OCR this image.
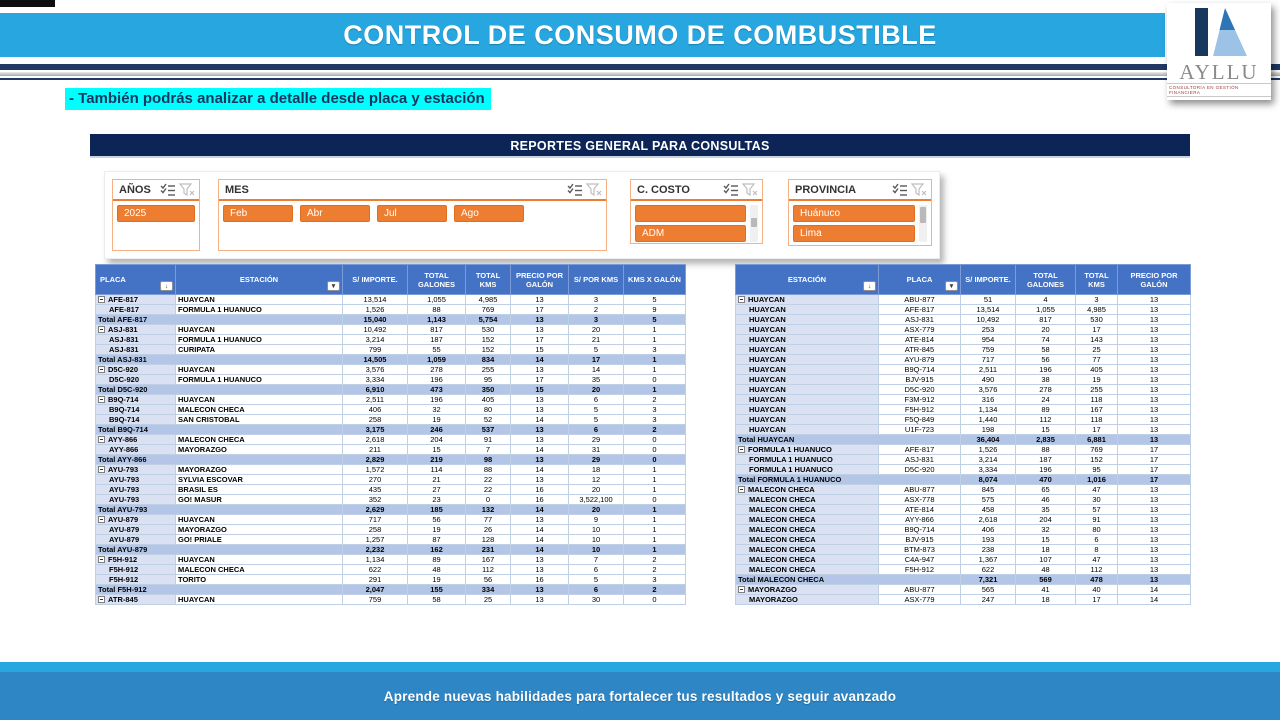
CONTROL DE CONSUMO DE COMBUSTIBLE
AYLLU
CONSULTORÍA EN GESTIÓN FINANCIERA
- También podrás analizar a detalle desde placa y estación
REPORTES GENERAL PARA CONSULTAS
AÑOS
2025
MES
Feb	Abr	Jul	Ago
C. COSTO
ADM
PROVINCIA
Huánuco
Lima
PLACA
↓	ESTACIÓN
▼	S/ IMPORTE.	TOTAL GALONES	TOTAL KMS	PRECIO POR GALÓN	S/ POR KMS	KMS X GALÓN
AFE-817	HUAYCAN	13,514	1,055	4,985	13	3	5
AFE-817	FORMULA 1 HUANUCO	1,526	88	769	17	2	9
Total AFE-817		15,040	1,143	5,754	13	3	5
ASJ-831	HUAYCAN	10,492	817	530	13	20	1
ASJ-831	FORMULA 1 HUANUCO	3,214	187	152	17	21	1
ASJ-831	CURIPATA	799	55	152	15	5	3
Total ASJ-831		14,505	1,059	834	14	17	1
D5C-920	HUAYCAN	3,576	278	255	13	14	1
D5C-920	FORMULA 1 HUANUCO	3,334	196	95	17	35	0
Total D5C-920		6,910	473	350	15	20	1
B9Q-714	HUAYCAN	2,511	196	405	13	6	2
B9Q-714	MALECON CHECA	406	32	80	13	5	3
B9Q-714	SAN CRISTOBAL	258	19	52	14	5	3
Total B9Q-714		3,175	246	537	13	6	2
AYY-866	MALECON CHECA	2,618	204	91	13	29	0
AYY-866	MAYORAZGO	211	15	7	14	31	0
Total AYY-866		2,829	219	98	13	29	0
AYU-793	MAYORAZGO	1,572	114	88	14	18	1
AYU-793	SYLVIA ESCOVAR	270	21	22	13	12	1
AYU-793	BRASIL ES	435	27	22	16	20	1
AYU-793	GO! MASUR	352	23	0	16	3,522,100	0
Total AYU-793		2,629	185	132	14	20	1
AYU-879	HUAYCAN	717	56	77	13	9	1
AYU-879	MAYORAZGO	258	19	26	14	10	1
AYU-879	GO! PRIALE	1,257	87	128	14	10	1
Total AYU-879		2,232	162	231	14	10	1
F5H-912	HUAYCAN	1,134	89	167	13	7	2
F5H-912	MALECON CHECA	622	48	112	13	6	2
F5H-912	TORITO	291	19	56	16	5	3
Total F5H-912		2,047	155	334	13	6	2
ATR-845	HUAYCAN	759	58	25	13	30	0
ESTACIÓN
↓	PLACA
▼	S/ IMPORTE.	TOTAL GALONES	TOTAL KMS	PRECIO POR GALÓN
HUAYCAN	ABU-877	51	4	3	13
HUAYCAN	AFE-817	13,514	1,055	4,985	13
HUAYCAN	ASJ-831	10,492	817	530	13
HUAYCAN	ASX-779	253	20	17	13
HUAYCAN	ATE-814	954	74	143	13
HUAYCAN	ATR-845	759	58	25	13
HUAYCAN	AYU-879	717	56	77	13
HUAYCAN	B9Q-714	2,511	196	405	13
HUAYCAN	BJV-915	490	38	19	13
HUAYCAN	D5C-920	3,576	278	255	13
HUAYCAN	F3M-912	316	24	118	13
HUAYCAN	F5H-912	1,134	89	167	13
HUAYCAN	F5Q-849	1,440	112	118	13
HUAYCAN	U1F-723	198	15	17	13
Total HUAYCAN		36,404	2,835	6,881	13
FORMULA 1 HUANUCO	AFE-817	1,526	88	769	17
FORMULA 1 HUANUCO	ASJ-831	3,214	187	152	17
FORMULA 1 HUANUCO	D5C-920	3,334	196	95	17
Total FORMULA 1 HUANUCO		8,074	470	1,016	17
MALECON CHECA	ABU-877	845	65	47	13
MALECON CHECA	ASX-778	575	46	30	13
MALECON CHECA	ATE-814	458	35	57	13
MALECON CHECA	AYY-866	2,618	204	91	13
MALECON CHECA	B9Q-714	406	32	80	13
MALECON CHECA	BJV-915	193	15	6	13
MALECON CHECA	BTM-873	238	18	8	13
MALECON CHECA	C4A-947	1,367	107	47	13
MALECON CHECA	F5H-912	622	48	112	13
Total MALECON CHECA		7,321	569	478	13
MAYORAZGO	ABU-877	565	41	40	14
MAYORAZGO	ASX-779	247	18	17	14
Aprende nuevas habilidades para fortalecer tus resultados y seguir avanzado
